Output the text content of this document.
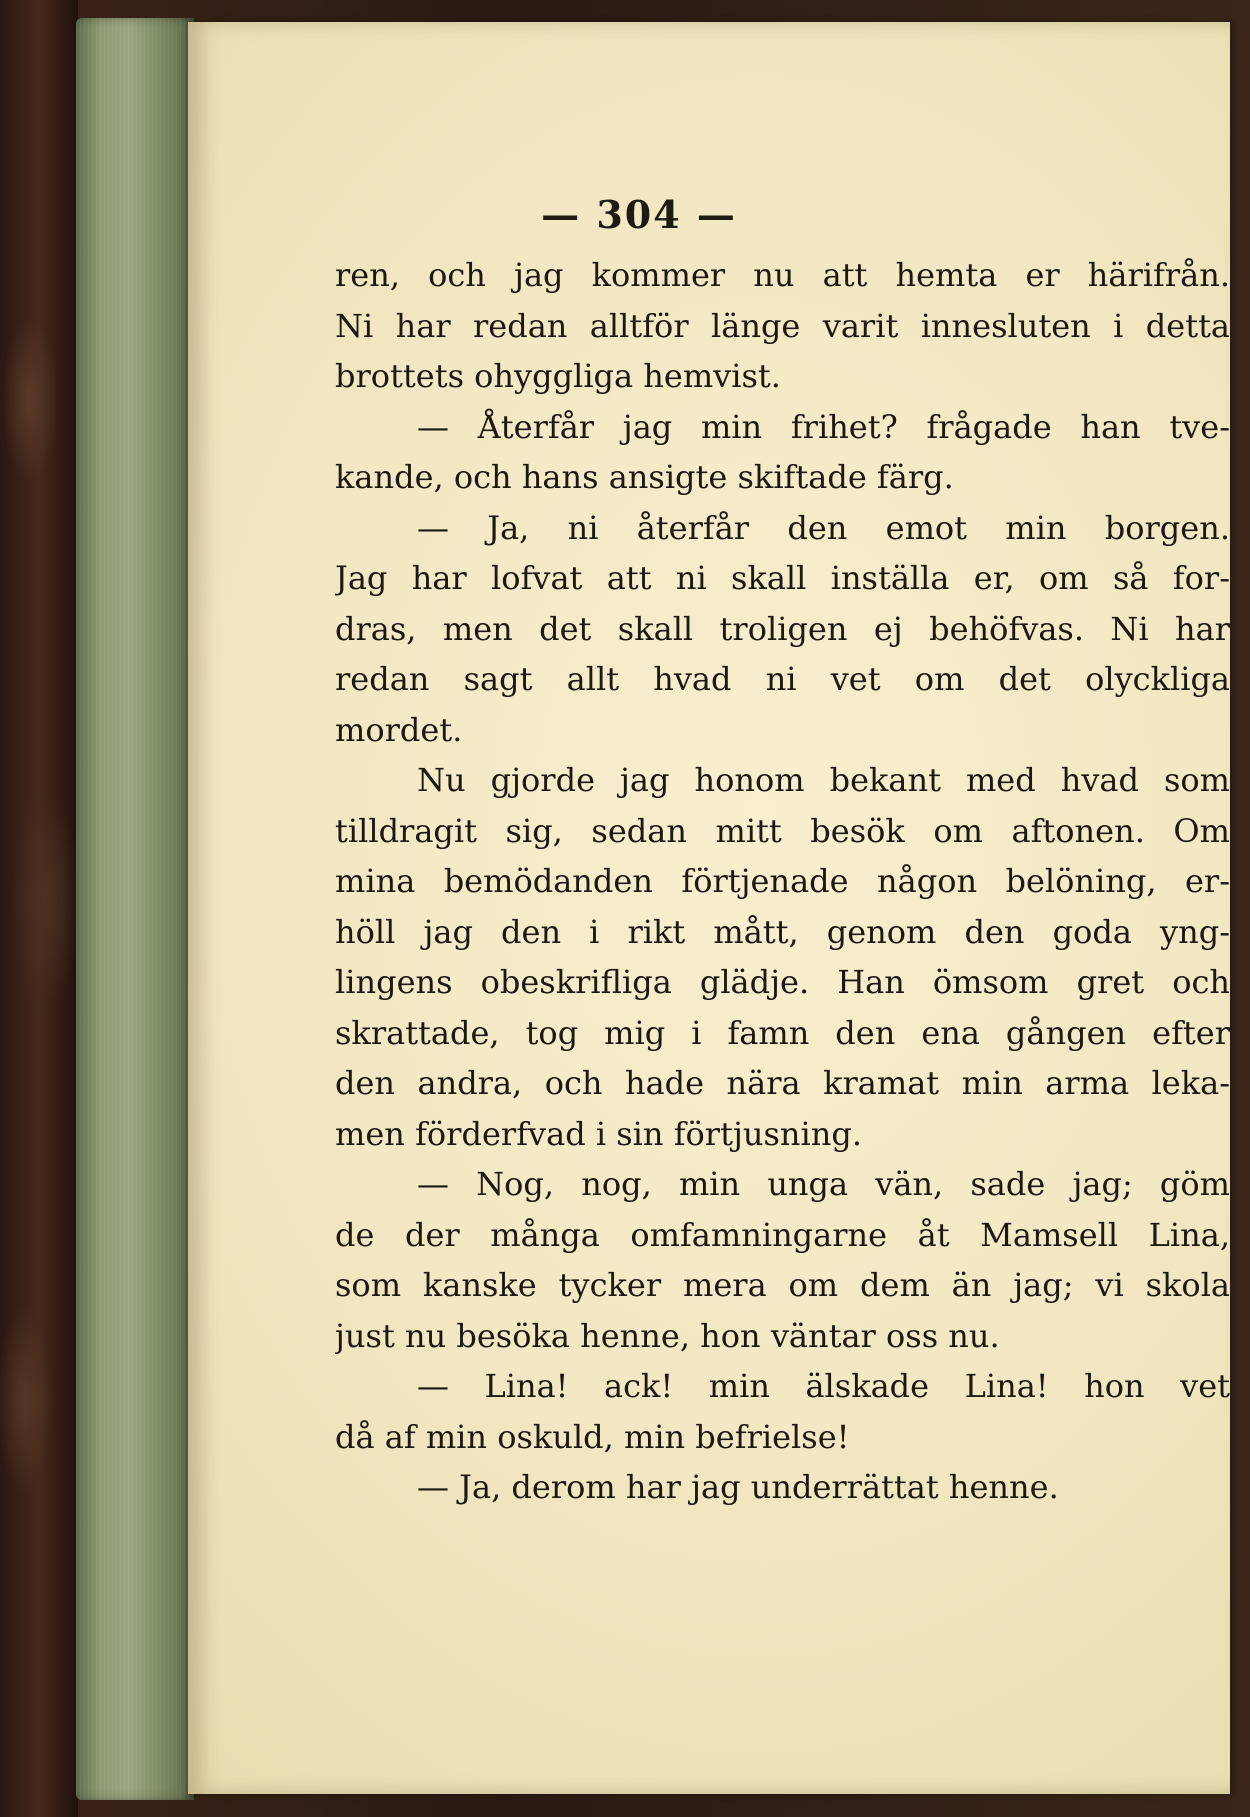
— 304 —
ren, och jag kommer nu att hemta er härifrån.
Ni har redan alltför länge varit innesluten i detta
brottets ohyggliga hemvist.
— Återfår jag min frihet? frågade han tve-
kande, och hans ansigte skiftade färg.
— Ja, ni återfår den emot min borgen.
Jag har lofvat att ni skall inställa er, om så for-
dras, men det skall troligen ej behöfvas. Ni har
redan sagt allt hvad ni vet om det olyckliga
mordet.
Nu gjorde jag honom bekant med hvad som
tilldragit sig, sedan mitt besök om aftonen. Om
mina bemödanden förtjenade någon belöning, er-
höll jag den i rikt mått, genom den goda yng-
lingens obeskrifliga glädje. Han ömsom gret och
skrattade, tog mig i famn den ena gången efter
den andra, och hade nära kramat min arma leka-
men förderfvad i sin förtjusning.
— Nog, nog, min unga vän, sade jag; göm
de der många omfamningarne åt Mamsell Lina,
som kanske tycker mera om dem än jag; vi skola
just nu besöka henne, hon väntar oss nu.
— Lina! ack! min älskade Lina! hon vet
då af min oskuld, min befrielse!
— Ja, derom har jag underrättat henne.
